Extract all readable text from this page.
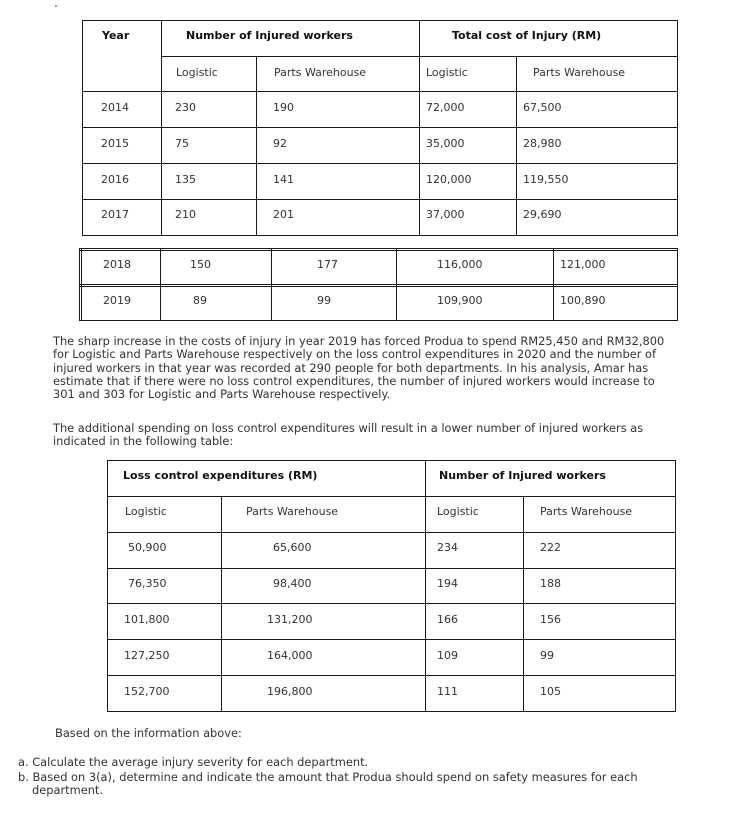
Year	Number of Injured workers	Total cost of Injury (RM)
Logistic	Parts Warehouse	Logistic	Parts Warehouse
2014	230	190	72,000	67,500
2015	75	92	35,000	28,980
2016	135	141	120,000	119,550
2017	210	201	37,000	29,690
2018	150	177	116,000	121,000
2019	89	99	109,900	100,890
The sharp increase in the costs of injury in year 2019 has forced Produa to spend RM25,450 and RM32,800 for Logistic and Parts Warehouse respectively on the loss control expenditures in 2020 and the number of injured workers in that year was recorded at 290 people for both departments. In his analysis, Amar has estimate that if there were no loss control expenditures, the number of injured workers would increase to 301 and 303 for Logistic and Parts Warehouse respectively.
The additional spending on loss control expenditures will result in a lower number of injured workers as indicated in the following table:
Loss control expenditures (RM)	Number of Injured workers
Logistic	Parts Warehouse	Logistic	Parts Warehouse
50,900	65,600	234	222
76,350	98,400	194	188
101,800	131,200	166	156
127,250	164,000	109	99
152,700	196,800	111	105
Based on the information above:
a. Calculate the average injury severity for each department.
b. Based on 3(a), determine and indicate the amount that Produa should spend on safety measures for each department.
